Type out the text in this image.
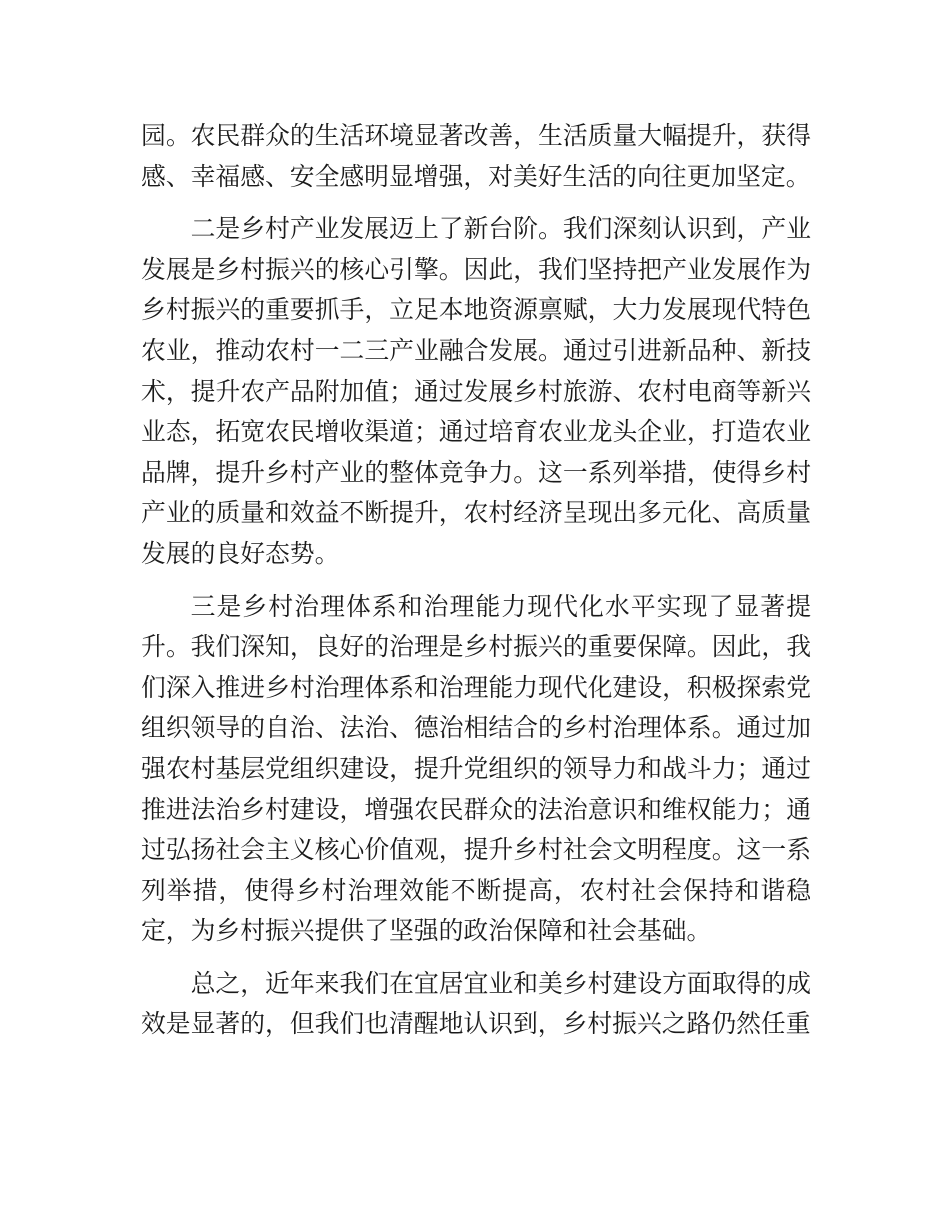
园。农民群众的生活环境显著改善，生活质量大幅提升，获得感、幸福感、安全感明显增强，对美好生活的向往更加坚定。

二是乡村产业发展迈上了新台阶。我们深刻认识到，产业发展是乡村振兴的核心引擎。因此，我们坚持把产业发展作为乡村振兴的重要抓手，立足本地资源禀赋，大力发展现代特色农业，推动农村一二三产业融合发展。通过引进新品种、新技术，提升农产品附加值；通过发展乡村旅游、农村电商等新兴业态，拓宽农民增收渠道；通过培育农业龙头企业，打造农业品牌，提升乡村产业的整体竞争力。这一系列举措，使得乡村产业的质量和效益不断提升，农村经济呈现出多元化、高质量发展的良好态势。

三是乡村治理体系和治理能力现代化水平实现了显著提升。我们深知，良好的治理是乡村振兴的重要保障。因此，我们深入推进乡村治理体系和治理能力现代化建设，积极探索党组织领导的自治、法治、德治相结合的乡村治理体系。通过加强农村基层党组织建设，提升党组织的领导力和战斗力；通过推进法治乡村建设，增强农民群众的法治意识和维权能力；通过弘扬社会主义核心价值观，提升乡村社会文明程度。这一系列举措，使得乡村治理效能不断提高，农村社会保持和谐稳定，为乡村振兴提供了坚强的政治保障和社会基础。

总之，近年来我们在宜居宜业和美乡村建设方面取得的成效是显著的，但我们也清醒地认识到，乡村振兴之路仍然任重
